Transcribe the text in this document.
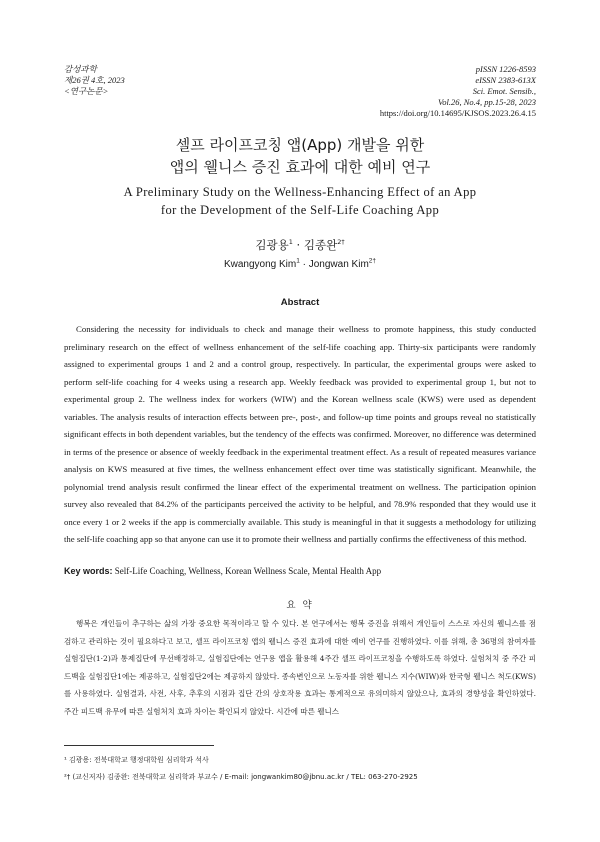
감성과학
제26권 4호, 2023
<연구논문>
pISSN 1226-8593
eISSN 2383-613X
Sci. Emot. Sensib.,
Vol.26, No.4, pp.15-28, 2023
https://doi.org/10.14695/KJSOS.2023.26.4.15
셀프 라이프코칭 앱(App) 개발을 위한
앱의 웰니스 증진 효과에 대한 예비 연구
A Preliminary Study on the Wellness-Enhancing Effect of an App
for the Development of the Self-Life Coaching App
김광용$^1$ · 김종완$^{2\dagger}$
Kwangyong Kim$^1$ · Jongwan Kim$^{2\dagger}$
Abstract

Considering the necessity for individuals to check and manage their wellness to promote happiness, this study conducted preliminary research on the effect of wellness enhancement of the self-life coaching app. Thirty-six participants were randomly assigned to experimental groups 1 and 2 and a control group, respectively. In particular, the experimental groups were asked to perform self-life coaching for 4 weeks using a research app. Weekly feedback was provided to experimental group 1, but not to experimental group 2. The wellness index for workers (WIW) and the Korean wellness scale (KWS) were used as dependent variables. The analysis results of interaction effects between pre-, post-, and follow-up time points and groups reveal no statistically significant effects in both dependent variables, but the tendency of the effects was confirmed. Moreover, no difference was determined in terms of the presence or absence of weekly feedback in the experimental treatment effect. As a result of repeated measures variance analysis on KWS measured at five times, the wellness enhancement effect over time was statistically significant. Meanwhile, the polynomial trend analysis result confirmed the linear effect of the experimental treatment on wellness. The participation opinion survey also revealed that 84.2% of the participants perceived the activity to be helpful, and 78.9% responded that they would use it once every 1 or 2 weeks if the app is commercially available. This study is meaningful in that it suggests a methodology for utilizing the self-life coaching app so that anyone can use it to promote their wellness and partially confirms the effectiveness of this method.

Key words: Self-Life Coaching, Wellness, Korean Wellness Scale, Mental Health App
요 약

행복은 개인들이 추구하는 삶의 가장 중요한 목적이라고 할 수 있다. 본 연구에서는 행복 증진을 위해서 개인들이 스스로 자신의 웰니스를 점검하고 관리하는 것이 필요하다고 보고, 셀프 라이프코칭 앱의 웰니스 증진 효과에 대한 예비 연구를 진행하였다. 이를 위해, 총 36명의 참여자를 실험집단(1·2)과 통제집단에 무선배정하고, 실험집단에는 연구용 앱을 활용해 4주간 셀프 라이프코칭을 수행하도록 하였다. 실험처치 중 주간 피드백을 실험집단1에는 제공하고, 실험집단2에는 제공하지 않았다. 종속변인으로 노동자를 위한 웰니스 지수(WIW)와 한국형 웰니스 척도(KWS)를 사용하였다. 실험결과, 사전, 사후, 추후의 시점과 집단 간의 상호작용 효과는 통계적으로 유의미하지 않았으나, 효과의 경향성을 확인하였다. 주간 피드백 유무에 따른 실험처치 효과 차이는 확인되지 않았다. 시간에 따른 웰니스

¹ 김광용: 전북대학교 행정대학원 심리학과 석사
²† (교신저자) 김종완: 전북대학교 심리학과 부교수 / E-mail: jongwankim80@jbnu.ac.kr / TEL: 063-270-2925
